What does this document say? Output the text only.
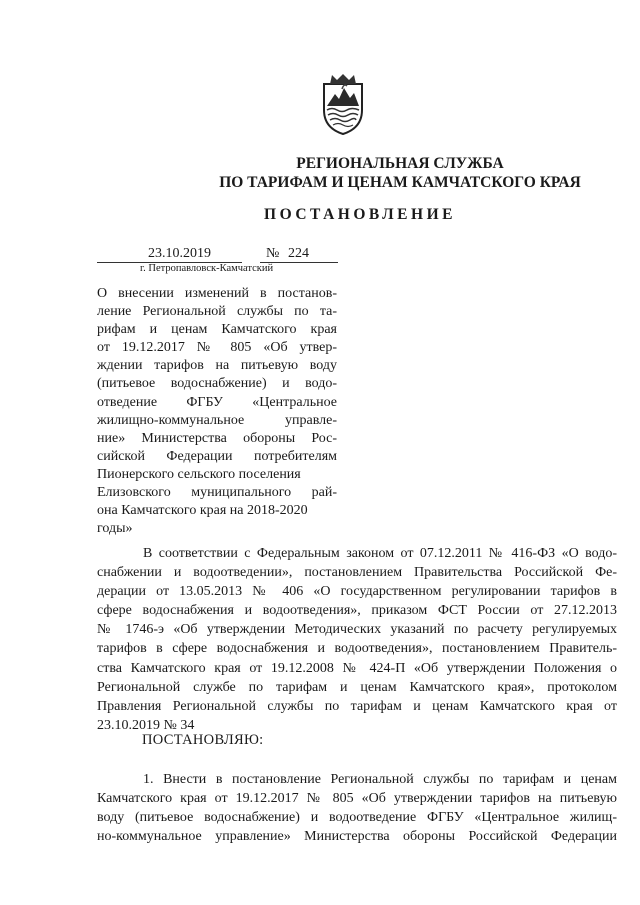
РЕГИОНАЛЬНАЯ СЛУЖБА
ПО ТАРИФАМ И ЦЕНАМ КАМЧАТСКОГО КРАЯ
ПОСТАНОВЛЕНИЕ
23.10.2019	№ 224
г. Петропавловск-Камчатский
О внесении изменений в постанов-
ление Региональной службы по та-
рифам и ценам Камчатского края
от 19.12.2017 № 805 «Об утвер-
ждении тарифов на питьевую воду
(питьевое водоснабжение) и водо-
отведение ФГБУ «Центральное
жилищно-коммунальное управле-
ние» Министерства обороны Рос-
сийской Федерации потребителям
Пионерского сельского поселения
Елизовского муниципального рай-
она Камчатского края на 2018-2020
годы»
В соответствии с Федеральным законом от 07.12.2011 № 416-ФЗ «О водо-
снабжении и водоотведении», постановлением Правительства Российской Фе-
дерации от 13.05.2013 № 406 «О государственном регулировании тарифов в
сфере водоснабжения и водоотведения», приказом ФСТ России от 27.12.2013
№ 1746-э «Об утверждении Методических указаний по расчету регулируемых
тарифов в сфере водоснабжения и водоотведения», постановлением Правитель-
ства Камчатского края от 19.12.2008 № 424-П «Об утверждении Положения о
Региональной службе по тарифам и ценам Камчатского края», протоколом
Правления Региональной службы по тарифам и ценам Камчатского края от
23.10.2019 № 34
ПОСТАНОВЛЯЮ:
1. Внести в постановление Региональной службы по тарифам и ценам
Камчатского края от 19.12.2017 № 805 «Об утверждении тарифов на питьевую
воду (питьевое водоснабжение) и водоотведение ФГБУ «Центральное жилищ-
но-коммунальное управление» Министерства обороны Российской Федерации
